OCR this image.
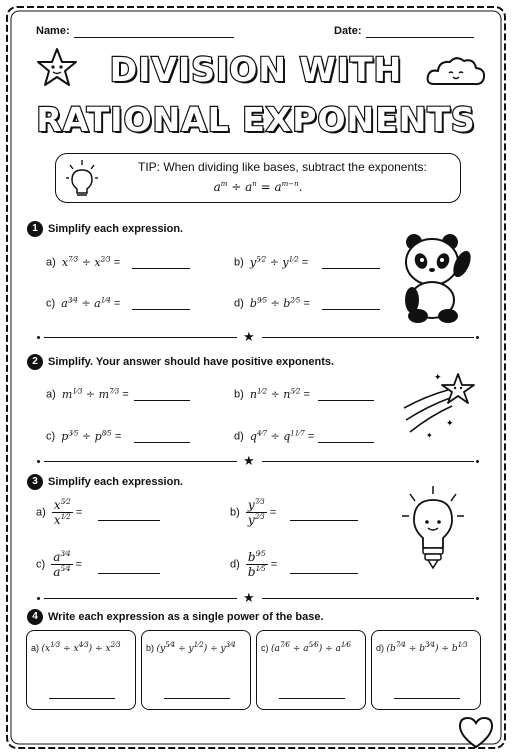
Name:	Date:
DIVISION WITH
RATIONAL EXPONENTS
TIP: When dividing like bases, subtract the exponents:
$a^m \div a^n = a^{m-n}$.
1 Simplify each expression.
a) $x^{7⁄3} \div x^{2⁄3}$ =	b) $y^{5⁄2} \div y^{1⁄2}$ =
c) $a^{3⁄4} \div a^{1⁄4}$ =	d) $b^{9⁄5} \div b^{2⁄5}$ =
★
2 Simplify. Your answer should have positive exponents.
a) $m^{1⁄3} \div m^{7⁄3}$ =	b) $n^{1⁄2} \div n^{5⁄2}$ =
c) $p^{3⁄5} \div p^{8⁄5}$ =	d) $q^{4⁄7} \div q^{11⁄7}$ =
✦
✦
✦
★
3 Simplify each expression.
$a) \frac{x^{5⁄2}}{x^{1⁄2}}$ =	$b) \frac{y^{7⁄3}}{y^{2⁄3}}$ =
$c) \frac{a^{3⁄4}}{a^{5⁄4}}$ =	$d) \frac{b^{9⁄5}}{b^{1⁄5}}$ =
★
4 Write each expression as a single power of the base.
a) $(x^{1⁄3} \div x^{4⁄3}) \div x^{2⁄3}$	b) $(y^{5⁄4} \div y^{1⁄2}) \div y^{3⁄4}$	c) $(a^{7⁄6} \div a^{5⁄6}) \div a^{1⁄6}$	d) $(b^{7⁄4} \div b^{3⁄4}) \div b^{1⁄3}$
